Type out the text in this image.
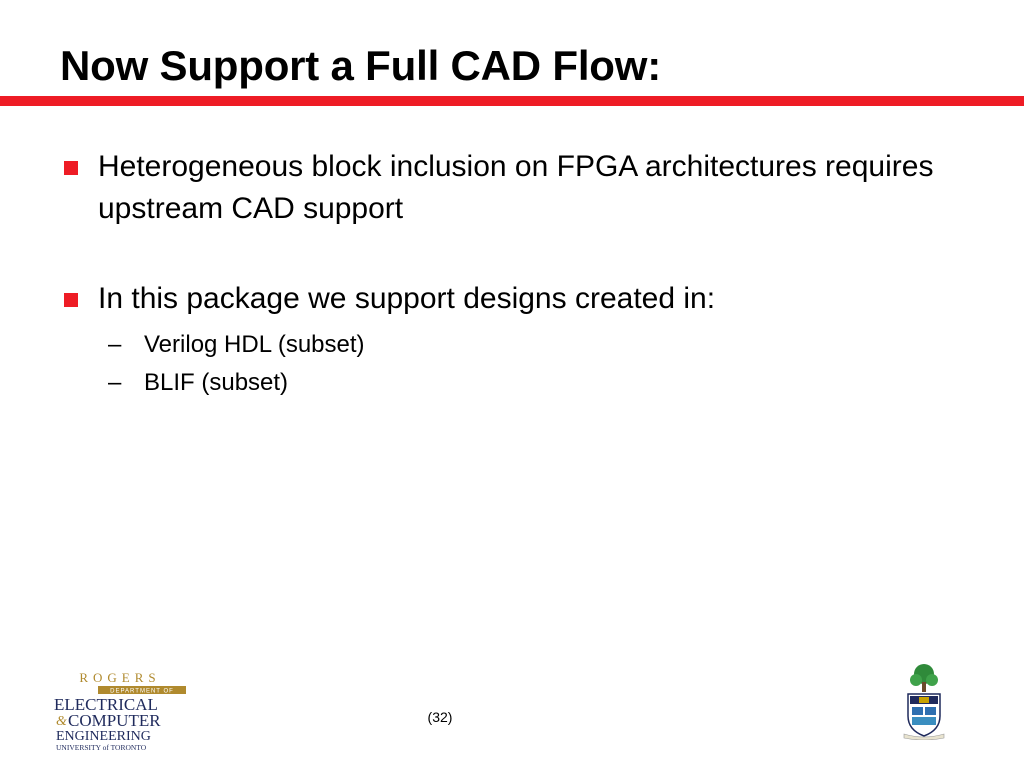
Now Support a Full CAD Flow:
Heterogeneous block inclusion on FPGA architectures requires upstream CAD support
In this package we support designs created in:
– Verilog HDL (subset)
– BLIF (subset)
(32)
ROGERS
DEPARTMENT OF
ELECTRICAL
& COMPUTER
ENGINEERING
UNIVERSITY of TORONTO
